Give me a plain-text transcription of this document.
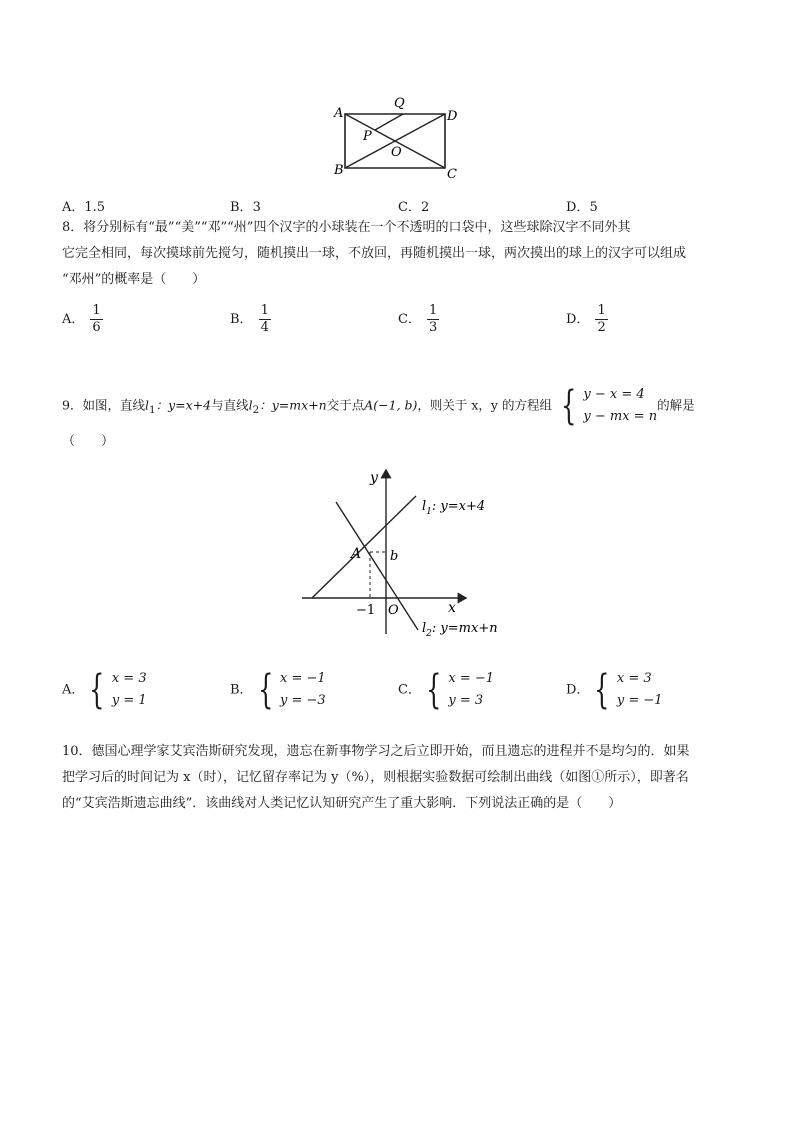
A
Q
D
P
O
B	C
A．1.5	B．3	C．2	D．5
8．将分别标有“最”“美”“邓”“州”四个汉字的小球装在一个不透明的口袋中，这些球除汉字不同外其
它完全相同，每次摸球前先搅匀，随机摸出一球，不放回，再随机摸出一球，两次摸出的球上的汉字可以组成
“邓州”的概率是（　　）
A． $\frac{1}{6}$	B． $\frac{1}{4}$	C． $\frac{1}{3}$	D． $\frac{1}{2}$
9．如图，直线$l_1$：y=x+4与直线$l_2$：y=mx+n交于点A(−1, b)，则关于 x，y 的方程组 { y − x = 4
y − mx = n
的解是
（　　）
y
x
A b
−1 O
$l_1$: y=x+4
$l_2$: y=mx+n
A． { x = 3
y = 1
B． { x = −1
y = −3
C． { x = −1
y = 3
D． { x = 3
y = −1
10．德国心理学家艾宾浩斯研究发现，遗忘在新事物学习之后立即开始，而且遗忘的进程并不是均匀的．如果
把学习后的时间记为 x（时），记忆留存率记为 y（%），则根据实验数据可绘制出曲线（如图①所示），即著名
的“艾宾浩斯遗忘曲线”．该曲线对人类记忆认知研究产生了重大影响．下列说法正确的是（　　）
